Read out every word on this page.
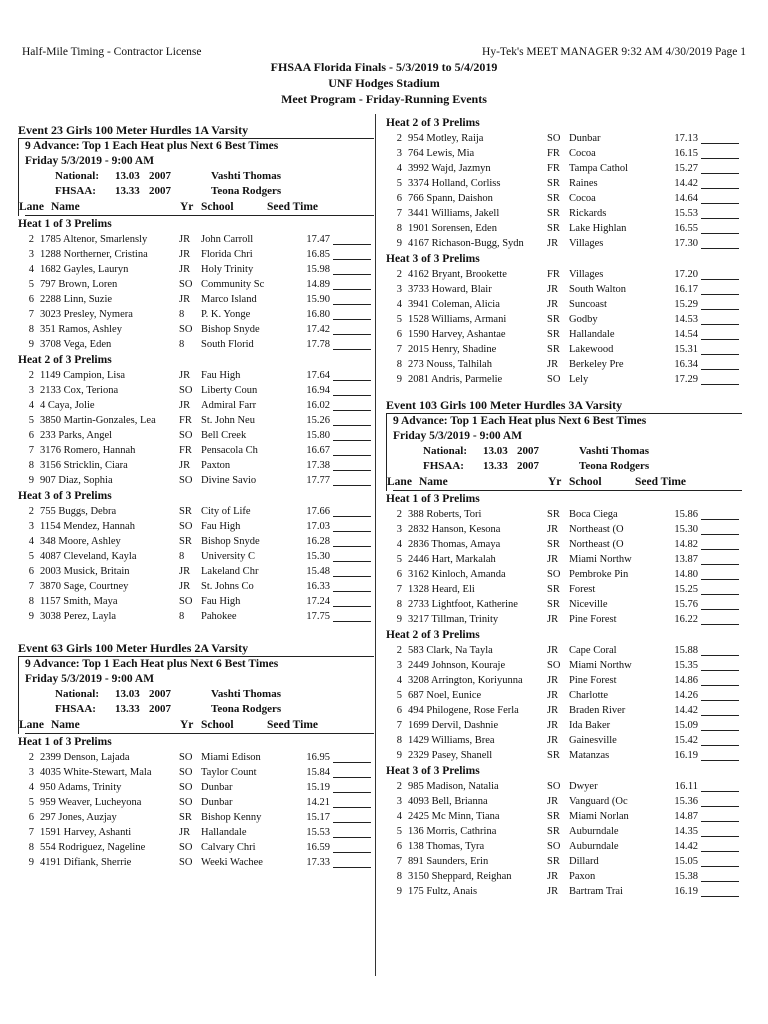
Half-Mile Timing - Contractor License	Hy-Tek's MEET MANAGER 9:32 AM 4/30/2019 Page 1
FHSAA Florida Finals - 5/3/2019 to 5/4/2019
UNF Hodges Stadium
Meet Program - Friday-Running Events
Event 23 Girls 100 Meter Hurdles 1A Varsity
9 Advance: Top 1 Each Heat plus Next 6 Best Times
Friday 5/3/2019 - 9:00 AM
National: 13.03 2007	Vashti Thomas
FHSAA: 13.33 2007	Teona Rodgers
Lane Name	Yr School	Seed Time
Heat 1 of 3 Prelims
2 1785 Altenor, Smarlensly	JR	John Carroll	17.47
3 1288 Northerner, Cristina	JR	Florida Chri	16.85
4 1682 Gayles, Lauryn	JR	Holy Trinity	15.98
5 797 Brown, Loren	SO Community Sc	14.89
6 2288 Linn, Suzie	JR	Marco Island	15.90
7 3023 Presley, Nymera	8	P. K. Yonge	16.80
8 351 Ramos, Ashley	SO Bishop Snyde	17.42
9 3708 Vega, Eden	8	South Florid	17.78
Heat 2 of 3 Prelims
2 1149 Campion, Lisa	JR	Fau High	17.64
3 2133 Cox, Teriona	SO Liberty Coun	16.94
4 4 Caya, Jolie	JR	Admiral Farr	16.02
5 3850 Martin-Gonzales, Lea	FR St. John Neu	15.26
6 233 Parks, Angel	SO Bell Creek	15.80
7 3176 Romero, Hannah	FR Pensacola Ch	16.67
8 3156 Stricklin, Ciara	JR	Paxton	17.38
9 907 Diaz, Sophia	SO Divine Savio	17.77
Heat 3 of 3 Prelims
2 755 Buggs, Debra	SR City of Life	17.66
3 1154 Mendez, Hannah	SO Fau High	17.03
4 348 Moore, Ashley	SR Bishop Snyde	16.28
5 4087 Cleveland, Kayla	8	University C	15.30
6 2003 Musick, Britain	JR	Lakeland Chr	15.48
7 3870 Sage, Courtney	JR	St. Johns Co	16.33
8 1157 Smith, Maya	SO Fau High	17.24
9 3038 Perez, Layla	8	Pahokee	17.75
Event 63 Girls 100 Meter Hurdles 2A Varsity
9 Advance: Top 1 Each Heat plus Next 6 Best Times
Friday 5/3/2019 - 9:00 AM
National: 13.03 2007	Vashti Thomas
FHSAA: 13.33 2007	Teona Rodgers
Lane Name	Yr School	Seed Time
Heat 1 of 3 Prelims
2 2399 Denson, Lajada	SO Miami Edison	16.95
3 4035 White-Stewart, Mala	SO Taylor Count	15.84
4 950 Adams, Trinity	SO Dunbar	15.19
5 959 Weaver, Lucheyona	SO Dunbar	14.21
6 297 Jones, Auzjay	SR Bishop Kenny	15.17
7 1591 Harvey, Ashanti	JR	Hallandale	15.53
8 554 Rodriguez, Nageline	SO Calvary Chri	16.59
9 4191 Difiank, Sherrie	SO Weeki Wachee	17.33
Heat 2 of 3 Prelims
2 954 Motley, Raija	SO Dunbar	17.13
3 764 Lewis, Mia	FR Cocoa	16.15
4 3992 Wajd, Jazmyn	FR Tampa Cathol	15.27
5 3374 Holland, Corliss	SR Raines	14.42
6 766 Spann, Daishon	SR Cocoa	14.64
7 3441 Williams, Jakell	SR Rickards	15.53
8 1901 Sorensen, Eden	SR Lake Highlan	16.55
9 4167 Richason-Bugg, Sydn	JR	Villages	17.30
Heat 3 of 3 Prelims
2 4162 Bryant, Brookette	FR Villages	17.20
3 3733 Howard, Blair	JR	South Walton	16.17
4 3941 Coleman, Alicia	JR	Suncoast	15.29
5 1528 Williams, Armani	SR Godby	14.53
6 1590 Harvey, Ashantae	SR Hallandale	14.54
7 2015 Henry, Shadine	SR Lakewood	15.31
8 273 Nouss, Talhilah	JR	Berkeley Pre	16.34
9 2081 Andris, Parmelie	SO Lely	17.29
Event 103 Girls 100 Meter Hurdles 3A Varsity
9 Advance: Top 1 Each Heat plus Next 6 Best Times
Friday 5/3/2019 - 9:00 AM
National: 13.03 2007	Vashti Thomas
FHSAA: 13.33 2007	Teona Rodgers
Lane Name	Yr School	Seed Time
Heat 1 of 3 Prelims
2 388 Roberts, Tori	SR Boca Ciega	15.86
3 2832 Hanson, Kesona	JR	Northeast (O	15.30
4 2836 Thomas, Amaya	SR Northeast (O	14.82
5 2446 Hart, Markalah	JR	Miami Northw	13.87
6 3162 Kinloch, Amanda	SO Pembroke Pin	14.80
7 1328 Heard, Eli	SR Forest	15.25
8 2733 Lightfoot, Katherine	SR Niceville	15.76
9 3217 Tillman, Trinity	JR	Pine Forest	16.22
Heat 2 of 3 Prelims
2 583 Clark, Na Tayla	JR	Cape Coral	15.88
3 2449 Johnson, Kouraje	SO Miami Northw	15.35
4 3208 Arrington, Koriyunna	JR	Pine Forest	14.86
5 687 Noel, Eunice	JR	Charlotte	14.26
6 494 Philogene, Rose Ferla	JR	Braden River	14.42
7 1699 Dervil, Dashnie	JR	Ida Baker	15.09
8 1429 Williams, Brea	JR	Gainesville	15.42
9 2329 Pasey, Shanell	SR Matanzas	16.19
Heat 3 of 3 Prelims
2 985 Madison, Natalia	SO Dwyer	16.11
3 4093 Bell, Brianna	JR	Vanguard (Oc	15.36
4 2425 Mc Minn, Tiana	SR Miami Norlan	14.87
5 136 Morris, Cathrina	SR Auburndale	14.35
6 138 Thomas, Tyra	SO Auburndale	14.42
7 891 Saunders, Erin	SR Dillard	15.05
8 3150 Sheppard, Reighan	JR	Paxon	15.38
9 175 Fultz, Anais	JR	Bartram Trai	16.19
